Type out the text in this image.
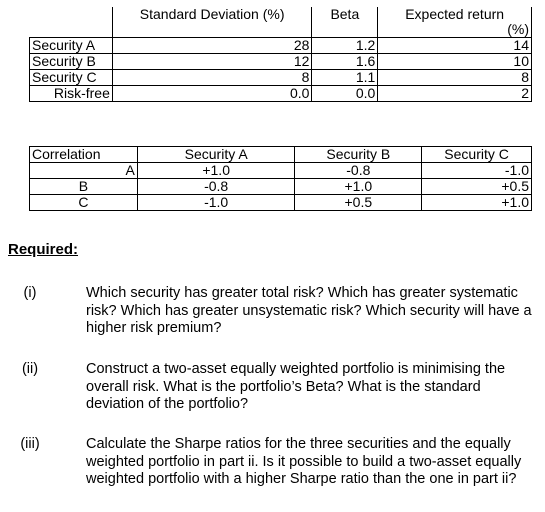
	Standard Deviation (%)	Beta	Expected return
			(%)
Security A	28	1.2	14
Security B	12	1.6	10
Security C	8	1.1	8
Risk-free	0.0	0.0	2
Correlation	Security A	Security B	Security C
A	+1.0	-0.8	-1.0
B	-0.8	+1.0	+0.5
C	-1.0	+0.5	+1.0
Required:
(i)	Which security has greater total risk? Which has greater systematic risk? Which has greater unsystematic risk? Which security will have a higher risk premium?
(ii)	Construct a two-asset equally weighted portfolio is minimising the overall risk. What is the portfolio’s Beta? What is the standard deviation of the portfolio?
(iii)	Calculate the Sharpe ratios for the three securities and the equally weighted portfolio in part ii. Is it possible to build a two-asset equally weighted portfolio with a higher Sharpe ratio than the one in part ii?
